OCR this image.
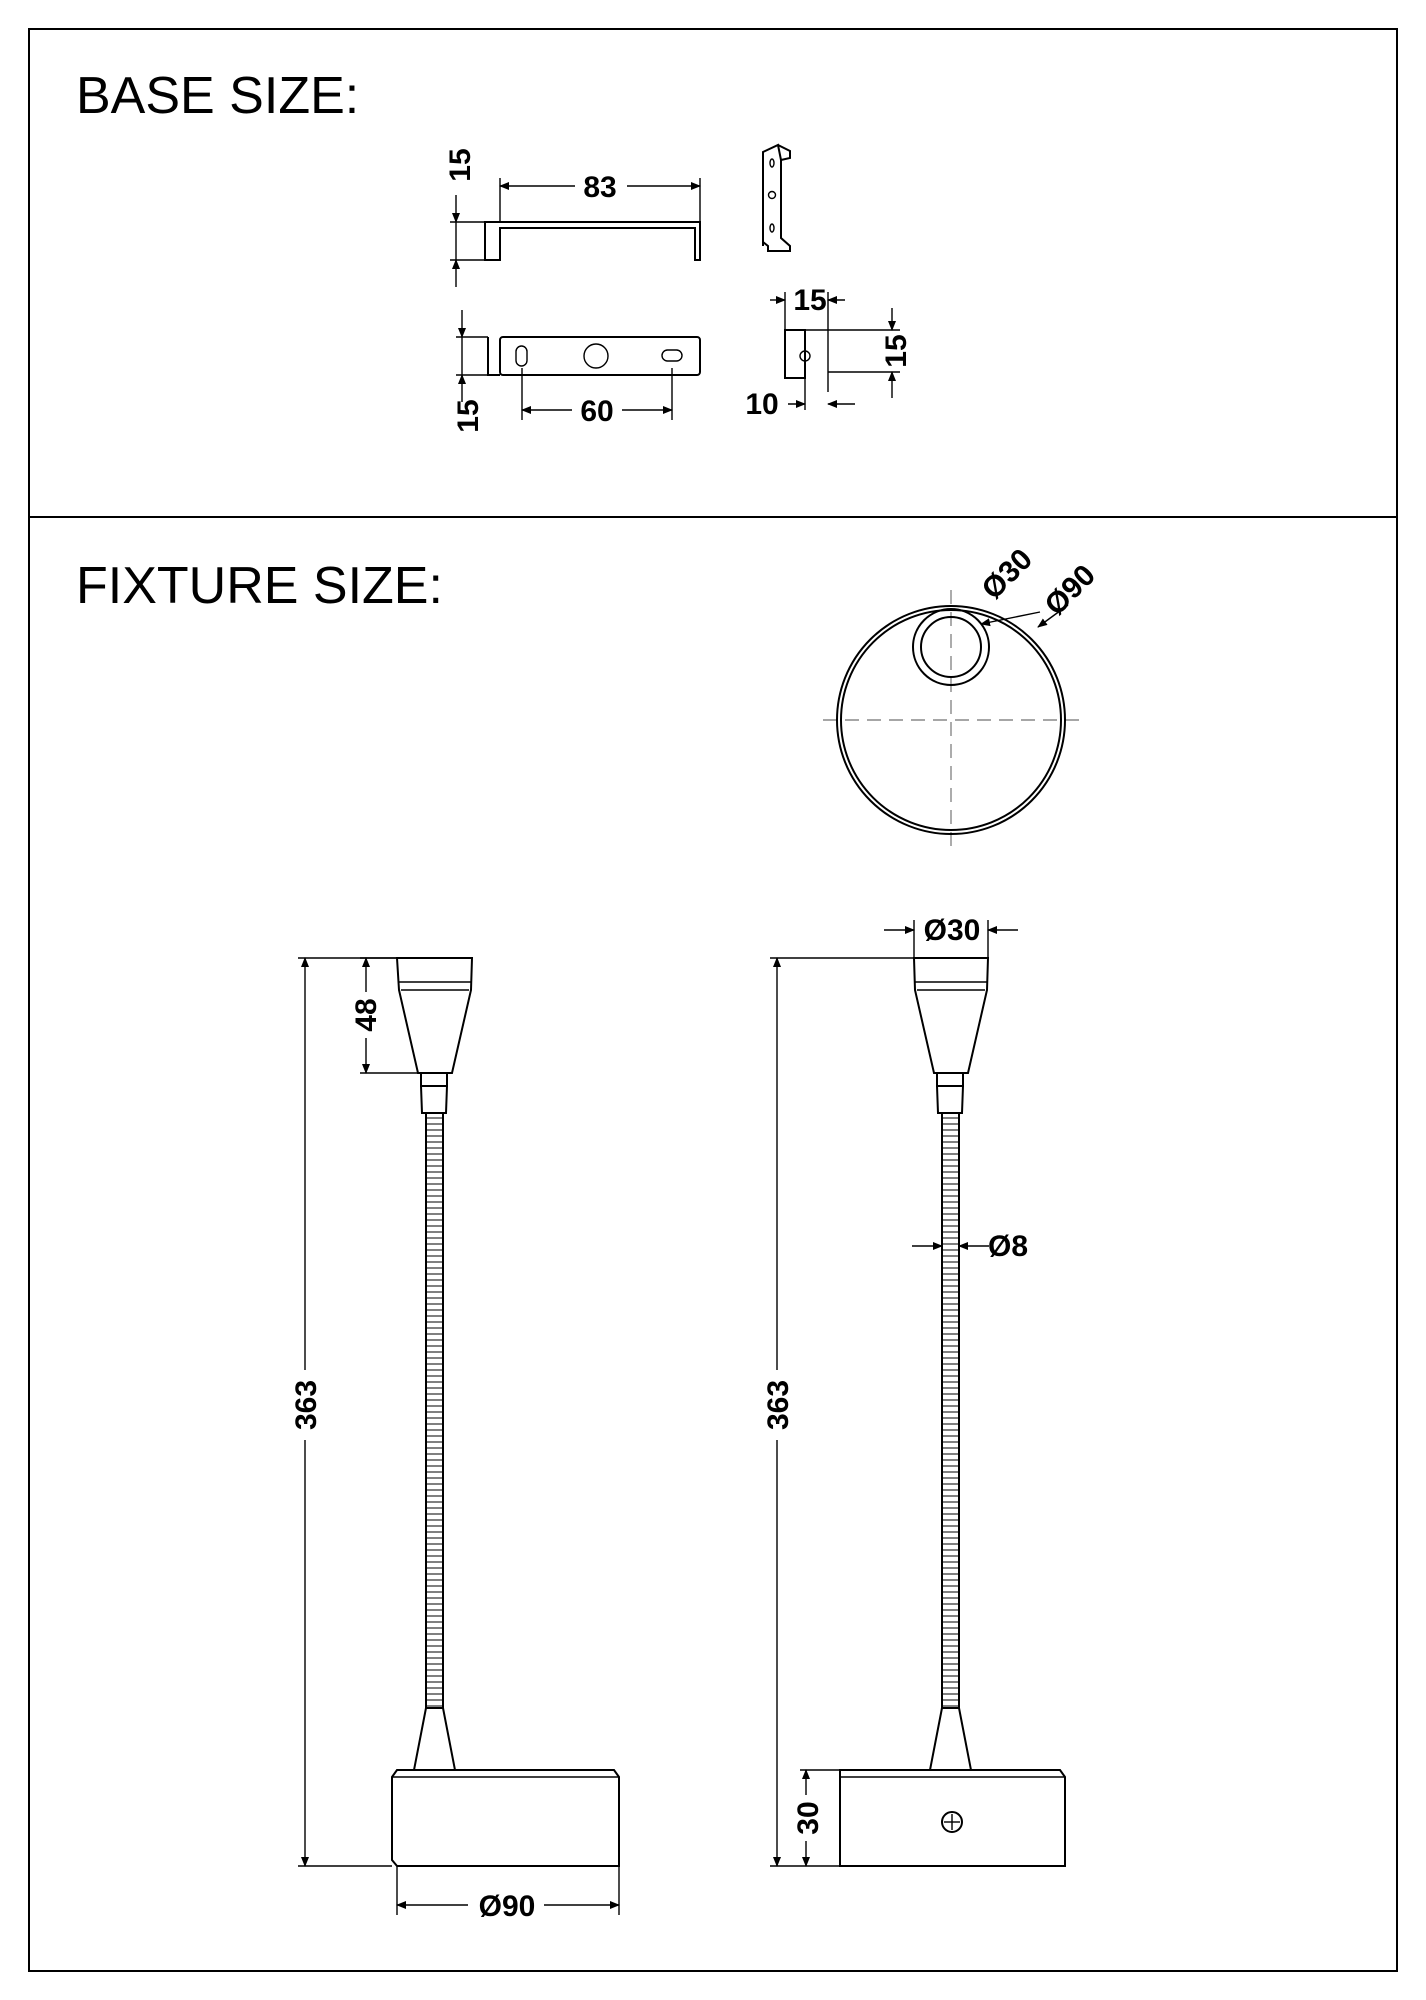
BASE SIZE:
FIXTURE SIZE:
15
83
15	60
15
15
10
Ø30 Ø90
48
363
Ø90
Ø30
Ø8
363
30
